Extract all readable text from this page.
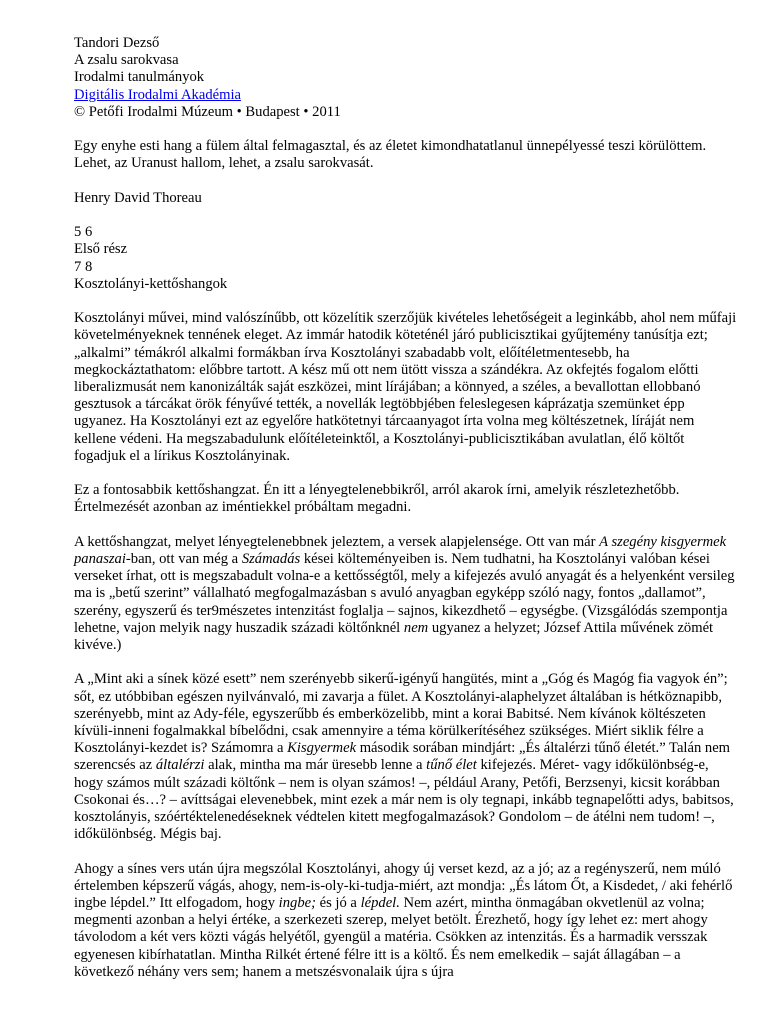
Tandori Dezső

A zsalu sarokvasa

Irodalmi tanulmányok

Digitális Irodalmi Akadémia

© Petőfi Irodalmi Múzeum • Budapest • 2011

Egy enyhe esti hang a fülem által felmagasztal, és az életet kimondhatatlanul ünnepélyessé teszi körülöttem. Lehet, az Uranust hallom, lehet, a zsalu sarokvasát.

Henry David Thoreau

5 6

Első rész

7 8

Kosztolányi-kettőshangok

Kosztolányi művei, mind valószínűbb, ott közelítik szerzőjük kivételes lehetőségeit a leginkább, ahol nem műfaji követelményeknek tennének eleget. Az immár hatodik köteténél járó publicisztikai gyűjtemény tanúsítja ezt; „alkalmi” témákról alkalmi formákban írva Kosztolányi szabadabb volt, előítéletmentesebb, ha megkockáztathatom: előbbre tartott. A kész mű ott nem ütött vissza a szándékra. Az okfejtés fogalom előtti liberalizmusát nem kanonizálták saját eszközei, mint lírájában; a könnyed, a széles, a bevallottan ellobbanó gesztusok a tárcákat örök fényűvé tették, a novellák legtöbbjében feleslegesen káprázatja szemünket épp ugyanez. Ha Kosztolányi ezt az egyelőre hatkötetnyi tárcaanyagot írta volna meg költészetnek, líráját nem kellene védeni. Ha megszabadulunk előítéleteinktől, a Kosztolányi-publicisztikában avulatlan, élő költőt fogadjuk el a lírikus Kosztolányinak.

Ez a fontosabbik kettőshangzat. Én itt a lényegtelenebbikről, arról akarok írni, amelyik részletezhetőbb. Értelmezését azonban az iméntiekkel próbáltam megadni.

A kettőshangzat, melyet lényegtelenebbnek jeleztem, a versek alapjelensége. Ott van már A szegény kisgyermek panaszai-ban, ott van még a Számadás kései költeményeiben is. Nem tudhatni, ha Kosztolányi valóban kései verseket írhat, ott is megszabadult volna-e a kettősségtől, mely a kifejezés avuló anyagát és a helyenként versileg ma is „betű szerint” vállalható megfogalmazásban s avuló anyagban egyképp szóló nagy, fontos „dallamot”, szerény, egyszerű és ter9mészetes intenzitást foglalja – sajnos, kikezdhető – egységbe. (Vizsgálódás szempontja lehetne, vajon melyik nagy huszadik századi költőnknél nem ugyanez a helyzet; József Attila művének zömét kivéve.)

A „Mint aki a sínek közé esett” nem szerényebb sikerű-igényű hangütés, mint a „Góg és Magóg fia vagyok én”; sőt, ez utóbbiban egészen nyilvánvaló, mi zavarja a fület. A Kosztolányi-alaphelyzet általában is hétköznapibb, szerényebb, mint az Ady-féle, egyszerűbb és emberközelibb, mint a korai Babitsé. Nem kívánok költészeten kívüli-inneni fogalmakkal bíbelődni, csak amennyire a téma körülkerítéséhez szükséges. Miért siklik félre a Kosztolányi-kezdet is? Számomra a Kisgyermek második sorában mindjárt: „És általérzi tűnő életét.” Talán nem szerencsés az általérzi alak, mintha ma már üresebb lenne a tűnő élet kifejezés. Méret- vagy időkülönbség-e, hogy számos múlt századi költőnk – nem is olyan számos! –, például Arany, Petőfi, Berzsenyi, kicsit korábban Csokonai és…? – avíttságai elevenebbek, mint ezek a már nem is oly tegnapi, inkább tegnapelőtti adys, babitsos, kosztolányis, szóértéktelenedéseknek védtelen kitett megfogalmazások? Gondolom – de átélni nem tudom! –, időkülönbség. Mégis baj.

Ahogy a sínes vers után újra megszólal Kosztolányi, ahogy új verset kezd, az a jó; az a regényszerű, nem múló értelemben képszerű vágás, ahogy, nem-is-oly-ki-tudja-miért, azt mondja: „És látom Őt, a Kisdedet, / aki fehérlő ingbe lépdel.” Itt elfogadom, hogy ingbe; és jó a lépdel. Nem azért, mintha önmagában okvetlenül az volna; megmenti azonban a helyi értéke, a szerkezeti szerep, melyet betölt. Érezhető, hogy így lehet ez: mert ahogy távolodom a két vers közti vágás helyétől, gyengül a matéria. Csökken az intenzitás. És a harmadik versszak egyenesen kibírhatatlan. Mintha Rilkét értené félre itt is a költő. És nem emelkedik – saját állagában – a következő néhány vers sem; hanem a metszésvonalaik újra s újra
